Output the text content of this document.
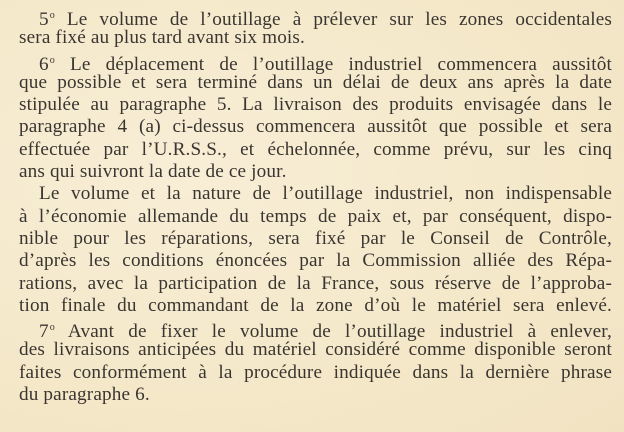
5$^o$ Le volume de l’outillage à prélever sur les zones occidentales
sera fixé au plus tard avant six mois.
6$^o$ Le déplacement de l’outillage industriel commencera aussitôt
que possible et sera terminé dans un délai de deux ans après la date
stipulée au paragraphe 5. La livraison des produits envisagée dans le
paragraphe 4 (a) ci-dessus commencera aussitôt que possible et sera
effectuée par l’U.R.S.S., et échelonnée, comme prévu, sur les cinq
ans qui suivront la date de ce jour.
Le volume et la nature de l’outillage industriel, non indispensable
à l’économie allemande du temps de paix et, par conséquent, dispo-
nible pour les réparations, sera fixé par le Conseil de Contrôle,
d’après les conditions énoncées par la Commission alliée des Répa-
rations, avec la participation de la France, sous réserve de l’approba-
tion finale du commandant de la zone d’où le matériel sera enlevé.
7$^o$ Avant de fixer le volume de l’outillage industriel à enlever,
des livraisons anticipées du matériel considéré comme disponible seront
faites conformément à la procédure indiquée dans la dernière phrase
du paragraphe 6.
